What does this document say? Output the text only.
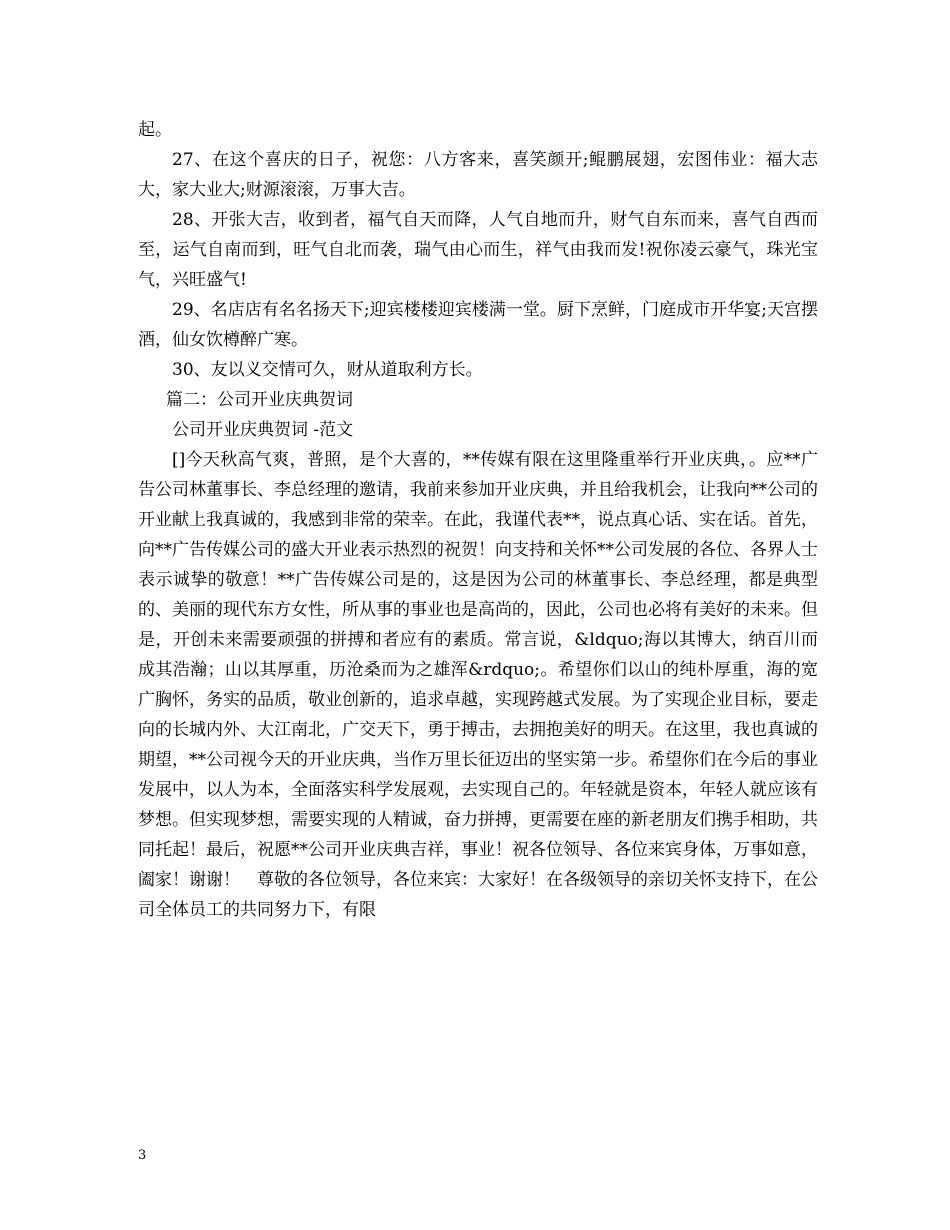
起。

27、在这个喜庆的日子，祝您：八方客来，喜笑颜开;鲲鹏展翅，宏图伟业：福大志大，家大业大;财源滚滚，万事大吉。

28、开张大吉，收到者，福气自天而降，人气自地而升，财气自东而来，喜气自西而至，运气自南而到，旺气自北而袭，瑞气由心而生，祥气由我而发!祝你凌云豪气，珠光宝气，兴旺盛气!

29、名店店有名名扬天下;迎宾楼楼迎宾楼满一堂。厨下烹鲜，门庭成市开华宴;天宫摆酒，仙女饮樽醉广寒。

30、友以义交情可久，财从道取利方长。

篇二：公司开业庆典贺词

公司开业庆典贺词 -范文

[]今天秋高气爽，普照，是个大喜的，**传媒有限在这里隆重举行开业庆典，。应**广告公司林董事长、李总经理的邀请，我前来参加开业庆典，并且给我机会，让我向**公司的开业献上我真诚的，我感到非常的荣幸。在此，我谨代表**，说点真心话、实在话。首先，向**广告传媒公司的盛大开业表示热烈的祝贺！向支持和关怀**公司发展的各位、各界人士表示诚挚的敬意！**广告传媒公司是的，这是因为公司的林董事长、李总经理，都是典型的、美丽的现代东方女性，所从事的事业也是高尚的，因此，公司也必将有美好的未来。但是，开创未来需要顽强的拼搏和者应有的素质。常言说，&ldquo;海以其博大，纳百川而成其浩瀚；山以其厚重，历沧桑而为之雄浑&rdquo;。希望你们以山的纯朴厚重，海的宽广胸怀，务实的品质，敬业创新的，追求卓越，实现跨越式发展。为了实现企业目标，要走向的长城内外、大江南北，广交天下，勇于搏击，去拥抱美好的明天。在这里，我也真诚的期望，**公司视今天的开业庆典，当作万里长征迈出的坚实第一步。希望你们在今后的事业发展中，以人为本，全面落实科学发展观，去实现自己的。年轻就是资本，年轻人就应该有梦想。但实现梦想，需要实现的人精诚，奋力拼搏，更需要在座的新老朋友们携手相助，共同托起！最后，祝愿**公司开业庆典吉祥，事业！祝各位领导、各位来宾身体，万事如意，阖家！谢谢！　尊敬的各位领导，各位来宾：大家好！在各级领导的亲切关怀支持下，在公司全体员工的共同努力下，有限

3
